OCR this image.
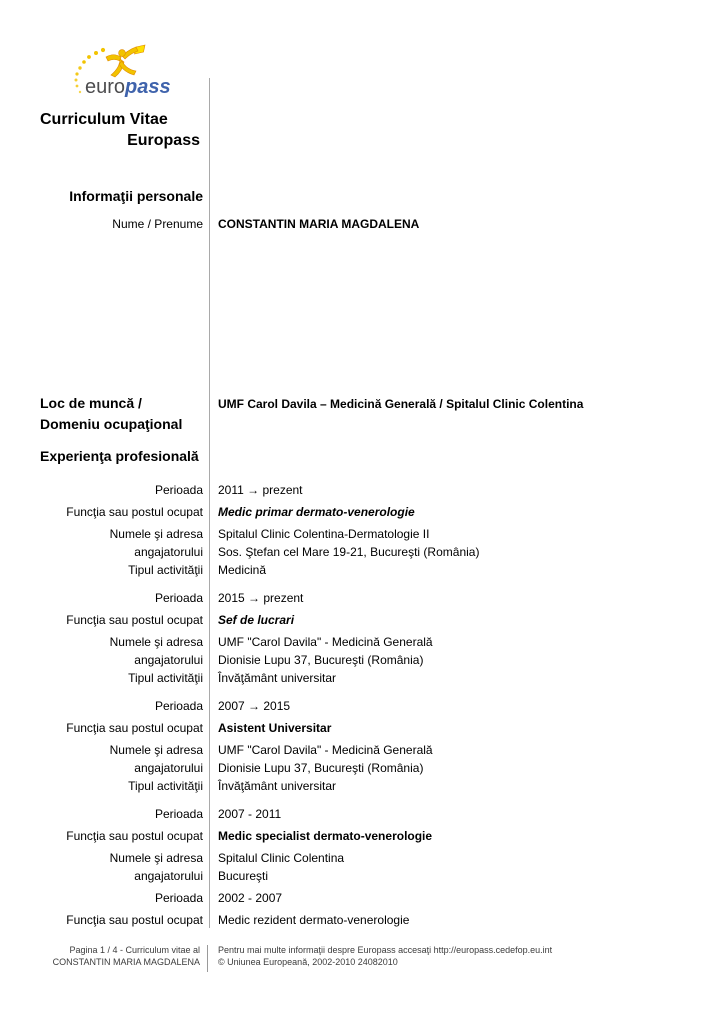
europass
Curriculum Vitae
Europass
Informaţii personale
Nume / Prenume CONSTANTIN MARIA MAGDALENA
Loc de muncă /
Domeniu ocupaţional
UMF Carol Davila – Medicină Generală / Spitalul Clinic Colentina
Experienţa profesională
Perioada 2011 → prezent
Funcţia sau postul ocupat Medic primar dermato-venerologie
Numele şi adresa
angajatorului
Spitalul Clinic Colentina-Dermatologie II
Sos. Ştefan cel Mare 19-21, Bucureşti (România)
Tipul activităţii Medicină
Perioada 2015 → prezent
Funcţia sau postul ocupat Sef de lucrari
Numele şi adresa
angajatorului
UMF "Carol Davila" - Medicină Generală
Dionisie Lupu 37, Bucureşti (România)
Tipul activităţii Învăţământ universitar
Perioada 2007 → 2015
Funcţia sau postul ocupat Asistent Universitar
Numele şi adresa
angajatorului
UMF "Carol Davila" - Medicină Generală
Dionisie Lupu 37, Bucureşti (România)
Tipul activităţii Învăţământ universitar
Perioada 2007 - 2011
Funcţia sau postul ocupat Medic specialist dermato-venerologie
Numele şi adresa
angajatorului
Spitalul Clinic Colentina
Bucureşti
Perioada 2002 - 2007
Funcţia sau postul ocupat Medic rezident dermato-venerologie
Pagina 1 / 4 - Curriculum vitae al
CONSTANTIN MARIA MAGDALENA
Pentru mai multe informaţii despre Europass accesaţi http://europass.cedefop.eu.int
© Uniunea Europeană, 2002-2010 24082010
